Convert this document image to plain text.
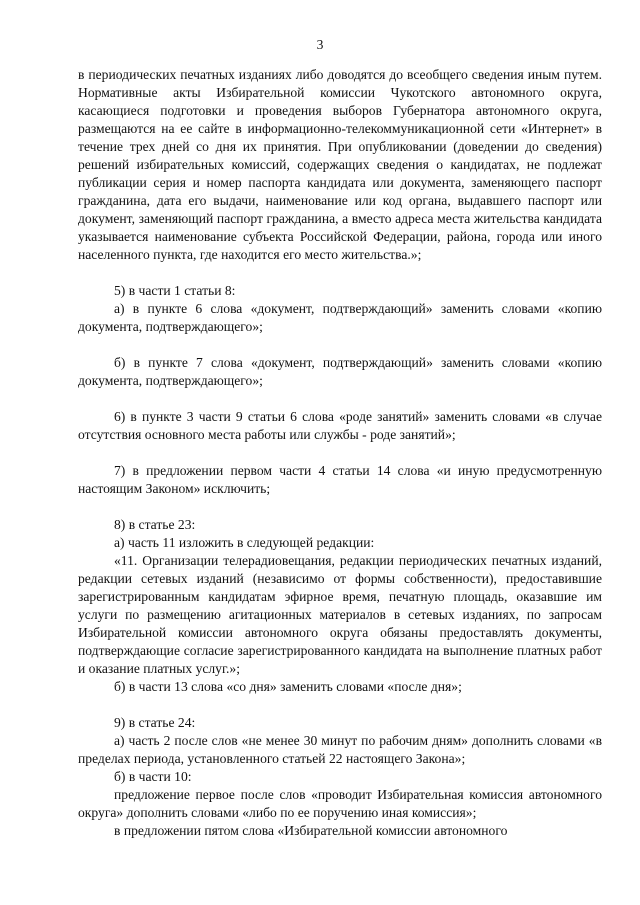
3

в периодических печатных изданиях либо доводятся до всеобщего сведения иным путем. Нормативные акты Избирательной комиссии Чукотского автономного округа, касающиеся подготовки и проведения выборов Губернатора автономного округа, размещаются на ее сайте в информационно-телекоммуникационной сети «Интернет» в течение трех дней со дня их принятия. При опубликовании (доведении до сведения) решений избирательных комиссий, содержащих сведения о кандидатах, не подлежат публикации серия и номер паспорта кандидата или документа, заменяющего паспорт гражданина, дата его выдачи, наименование или код органа, выдавшего паспорт или документ, заменяющий паспорт гражданина, а вместо адреса места жительства кандидата указывается наименование субъекта Российской Федерации, района, города или иного населенного пункта, где находится его место жительства.»;

5) в части 1 статьи 8:

а) в пункте 6 слова «документ, подтверждающий» заменить словами «копию документа, подтверждающего»;

б) в пункте 7 слова «документ, подтверждающий» заменить словами «копию документа, подтверждающего»;

6) в пункте 3 части 9 статьи 6 слова «роде занятий» заменить словами «в случае отсутствия основного места работы или службы - роде занятий»;

7) в предложении первом части 4 статьи 14 слова «и иную предусмотренную настоящим Законом» исключить;

8) в статье 23:

а) часть 11 изложить в следующей редакции:

«11. Организации телерадиовещания, редакции периодических печатных изданий, редакции сетевых изданий (независимо от формы собственности), предоставившие зарегистрированным кандидатам эфирное время, печатную площадь, оказавшие им услуги по размещению агитационных материалов в сетевых изданиях, по запросам Избирательной комиссии автономного округа обязаны предоставлять документы, подтверждающие согласие зарегистрированного кандидата на выполнение платных работ и оказание платных услуг.»;

б) в части 13 слова «со дня» заменить словами «после дня»;

9) в статье 24:

а) часть 2 после слов «не менее 30 минут по рабочим дням» дополнить словами «в пределах периода, установленного статьей 22 настоящего Закона»;

б) в части 10:

предложение первое после слов «проводит Избирательная комиссия автономного округа» дополнить словами «либо по ее поручению иная комиссия»;

в предложении пятом слова «Избирательной комиссии автономного
